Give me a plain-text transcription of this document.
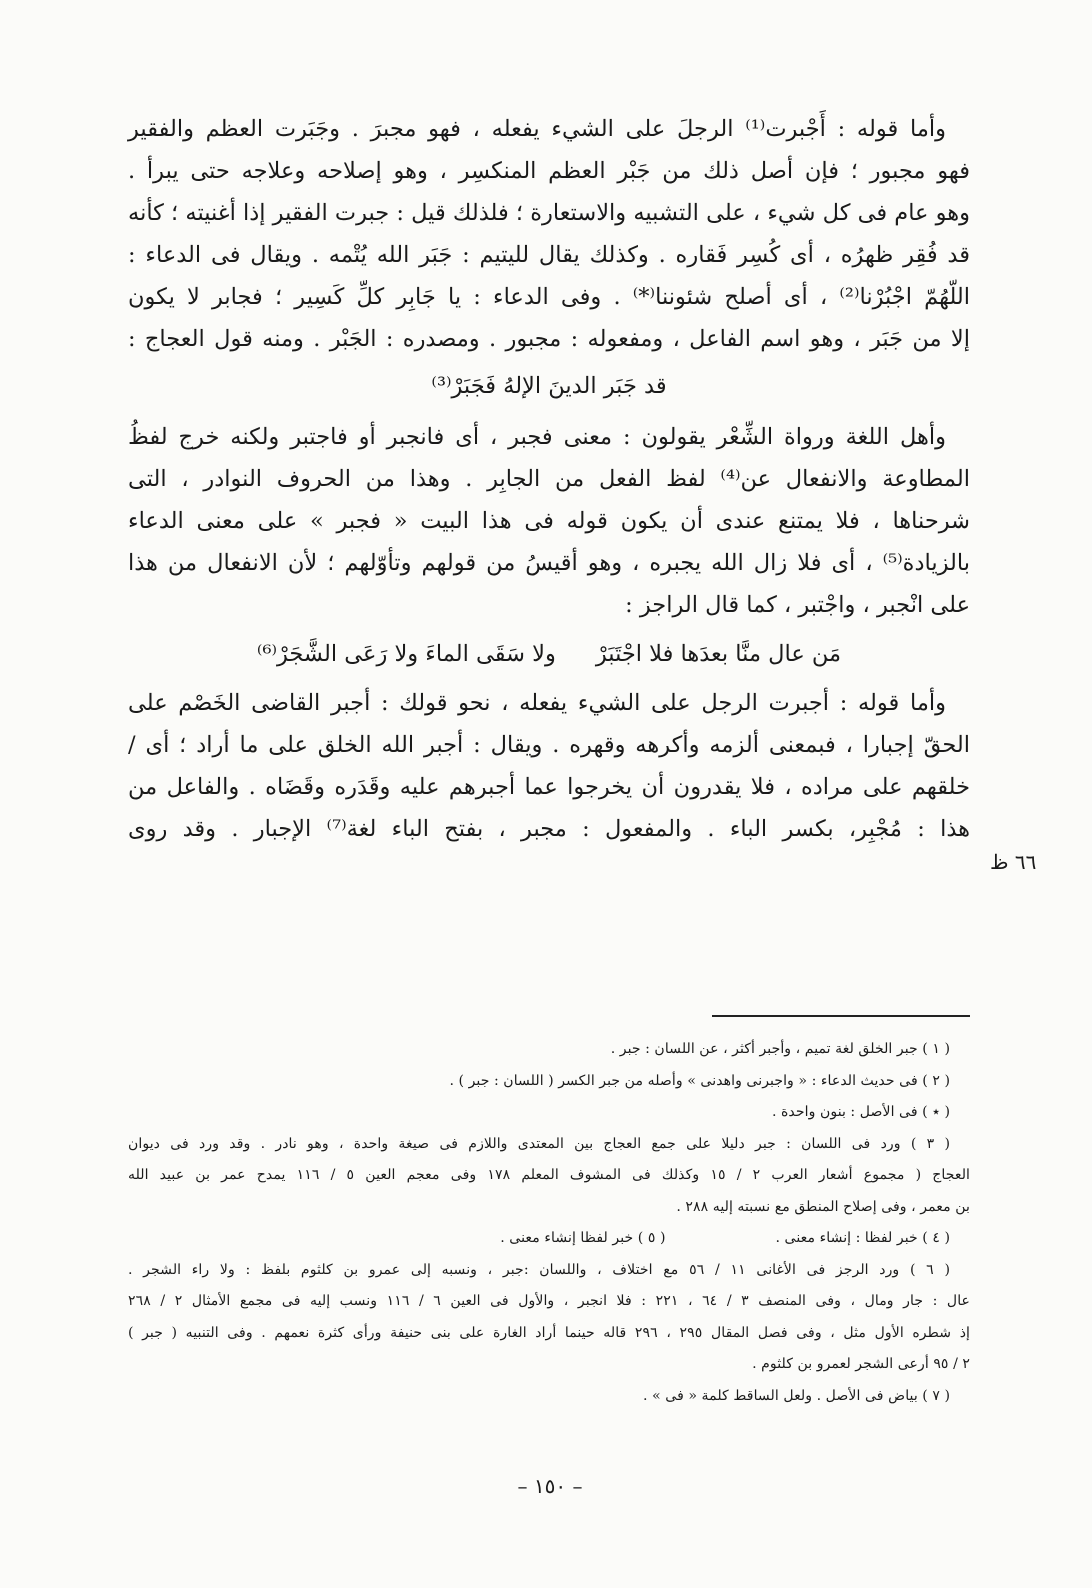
وأما قوله : أَجْبرت⁽¹⁾ الرجلَ على الشيء يفعله ، فهو مجبرَ . وجَبَرت العظم والفقير

فهو مجبور ؛ فإن أصل ذلك من جَبْر العظم المنكسِر ، وهو إصلاحه وعلاجه حتى يبرأ .

وهو عام فى كل شيء ، على التشبيه والاستعارة ؛ فلذلك قيل : جبرت الفقير إذا أغنيته ؛ كأنه

قد فُقِر ظهرُه ، أى كُسِر فَقاره . وكذلك يقال لليتيم : جَبَر الله يُتْمه . ويقال فى الدعاء :

اللّهُمّ اجْبُرْنا⁽²⁾ ، أى أصلح شئوننا⁽*⁾ . وفى الدعاء : يا جَابِر كلِّ كَسِير ؛ فجابر لا يكون

إلا من جَبَر ، وهو اسم الفاعل ، ومفعوله : مجبور . ومصدره : الجَبْر . ومنه قول العجاج :

قد جَبَر الدينَ الإلهُ فَجَبَرْ⁽³⁾

وأهل اللغة ورواة الشِّعْر يقولون : معنى فجبر ، أى فانجبر أو فاجتبر ولكنه خرج لفظُ

المطاوعة والانفعال عن⁽⁴⁾ لفظ الفعل من الجابِر . وهذا من الحروف النوادر ، التى

شرحناها ، فلا يمتنع عندى أن يكون قوله فى هذا البيت « فجبر » على معنى الدعاء

بالزيادة⁽⁵⁾ ، أى فلا زال الله يجبره ، وهو أقيسُ من قولهم وتأوّلهم ؛ لأن الانفعال من هذا

على انْجبر ، واجْتبر ، كما قال الراجز :

مَن عال منَّا بعدَها فلا اجْتَبَرْ
ولا سَقَى الماءَ ولا رَعَى الشَّجَرْ⁽⁶⁾

وأما قوله : أجبرت الرجل على الشيء يفعله ، نحو قولك : أجبر القاضى الخَصْم على

الحقّ إجبارا ، فبمعنى ألزمه وأكرهه وقهره . ويقال : أجبر الله الخلق على ما أراد ؛ أى /

خلقهم على مراده ، فلا يقدرون أن يخرجوا عما أجبرهم عليه وقَدَره وقَضَاه . والفاعل من

هذا : مُجْبِر، بكسر الباء . والمفعول : مجبر ، بفتح الباء لغة⁽⁷⁾ الإجبار . وقد روى

٦٦ ظ
( ١ ) جبر الخلق لغة تميم ، وأجبر أكثر ، عن اللسان : جبر .
( ٢ ) فى حديث الدعاء : « واجبرنى واهدنى » وأصله من جبر الكسر ( اللسان : جبر ) .
( ٭ ) فى الأصل : بنون واحدة .
( ٣ ) ورد فى اللسان : جبر دليلا على جمع العجاج بين المعتدى واللازم فى صيغة واحدة ، وهو نادر . وقد ورد فى ديوان
العجاج ( مجموع أشعار العرب ٢ / ١٥ وكذلك فى المشوف المعلم ١٧٨ وفى معجم العين ٥ / ١١٦ يمدح عمر بن عبيد الله
بن معمر ، وفى إصلاح المنطق مع نسبته إليه ٢٨٨ .
( ٤ ) خبر لفظا : إنشاء معنى .
( ٥ ) خبر لفظا إنشاء معنى .
( ٦ ) ورد الرجز فى الأغانى ١١ / ٥٦ مع اختلاف ، واللسان :جبر ، ونسبه إلى عمرو بن كلثوم بلفظ : ولا راء الشجر .
عال : جار ومال ، وفى المنصف ٣ / ٦٤ ، ٢٢١ : فلا انجبر ، والأول فى العين ٦ / ١١٦ ونسب إليه فى مجمع الأمثال ٢ / ٢٦٨
إذ شطره الأول مثل ، وفى فصل المقال ٢٩٥ ، ٢٩٦ قاله حينما أراد الغارة على بنى حنيفة ورأى كثرة نعمهم . وفى التنبيه ( جبر )
٢ / ٩٥ أرعى الشجر لعمرو بن كلثوم .
( ٧ ) بياض فى الأصل . ولعل الساقط كلمة « فى » .
– ١٥٠ –
